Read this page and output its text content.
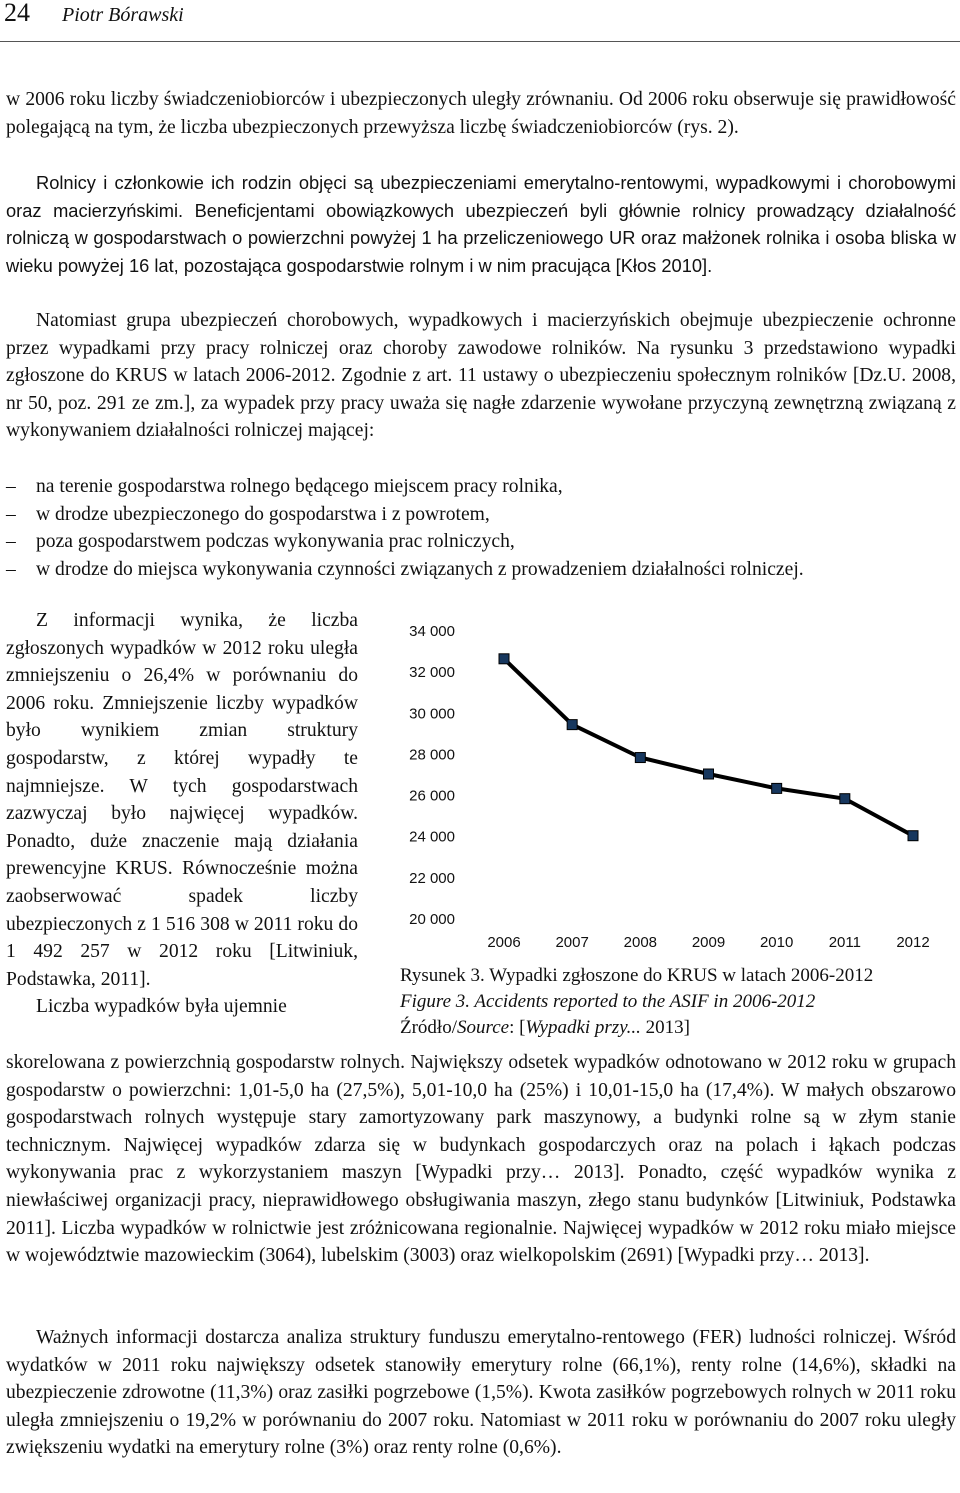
24 Piotr Bórawski
w 2006 roku liczby świadczeniobiorców i ubezpieczonych uległy zrównaniu. Od 2006 roku obserwuje się prawidłowość polegającą na tym, że liczba ubezpieczonych przewyższa liczbę świadczeniobiorców (rys. 2).
Rolnicy i członkowie ich rodzin objęci są ubezpieczeniami emerytalno-rentowymi, wypadkowymi i chorobowymi oraz macierzyńskimi. Beneficjentami obowiązkowych ubezpieczeń byli głównie rolnicy prowadzący działalność rolniczą w gospodarstwach o powierzchni powyżej 1 ha przeliczeniowego UR oraz małżonek rolnika i osoba bliska w wieku powyżej 16 lat, pozostająca gospodarstwie rolnym i w nim pracująca [Kłos 2010].
Natomiast grupa ubezpieczeń chorobowych, wypadkowych i macierzyńskich obejmuje ubezpieczenie ochronne przez wypadkami przy pracy rolniczej oraz choroby zawodowe rolników. Na rysunku 3 przedstawiono wypadki zgłoszone do KRUS w latach 2006-2012. Zgodnie z art. 11 ustawy o ubezpieczeniu społecznym rolników [Dz.U. 2008, nr 50, poz. 291 ze zm.], za wypadek przy pracy uważa się nagłe zdarzenie wywołane przyczyną zewnętrzną związaną z wykonywaniem działalności rolniczej mającej:
– na terenie gospodarstwa rolnego będącego miejscem pracy rolnika,
– w drodze ubezpieczonego do gospodarstwa i z powrotem,
– poza gospodarstwem podczas wykonywania prac rolniczych,
– w drodze do miejsca wykonywania czynności związanych z prowadzeniem działalności rolniczej.

Z informacji wynika, że liczba zgłoszonych wypadków w 2012 roku uległa zmniejszeniu o 26,4% w porównaniu do 2006 roku. Zmniejszenie liczby wypadków było wynikiem zmian struktury gospodarstw, z której wypadły te najmniejsze. W tych gospodarstwach zazwyczaj było najwięcej wypadków. Ponadto, duże znaczenie mają działania prewencyjne KRUS. Równocześnie można zaobserwować spadek liczby ubezpieczonych z 1 516 308 w 2011 roku do 1 492 257 w 2012 roku [Litwiniuk, Podstawka, 2011].

Liczba wypadków była ujemnie

34 000
32 000
30 000
28 000
26 000
24 000
22 000
20 000
2006 2007 2008 2009 2010 2011 2012
Rysunek 3. Wypadki zgłoszone do KRUS w latach 2006-2012
Figure 3. Accidents reported to the ASIF in 2006-2012
Źródło/Source: [Wypadki przy... 2013]
skorelowana z powierzchnią gospodarstw rolnych. Największy odsetek wypadków odnotowano w 2012 roku w grupach gospodarstw o powierzchni: 1,01-5,0 ha (27,5%), 5,01-10,0 ha (25%) i 10,01-15,0 ha (17,4%). W małych obszarowo gospodarstwach rolnych występuje stary zamortyzowany park maszynowy, a budynki rolne są w złym stanie technicznym. Najwięcej wypadków zdarza się w budynkach gospodarczych oraz na polach i łąkach podczas wykonywania prac z wykorzystaniem maszyn [Wypadki przy… 2013]. Ponadto, część wypadków wynika z niewłaściwej organizacji pracy, nieprawidłowego obsługiwania maszyn, złego stanu budynków [Litwiniuk, Podstawka 2011]. Liczba wypadków w rolnictwie jest zróżnicowana regionalnie. Najwięcej wypadków w 2012 roku miało miejsce w województwie mazowieckim (3064), lubelskim (3003) oraz wielkopolskim (2691) [Wypadki przy… 2013].
Ważnych informacji dostarcza analiza struktury funduszu emerytalno-rentowego (FER) ludności rolniczej. Wśród wydatków w 2011 roku największy odsetek stanowiły emerytury rolne (66,1%), renty rolne (14,6%), składki na ubezpieczenie zdrowotne (11,3%) oraz zasiłki pogrzebowe (1,5%). Kwota zasiłków pogrzebowych rolnych w 2011 roku uległa zmniejszeniu o 19,2% w porównaniu do 2007 roku. Natomiast w 2011 roku w porównaniu do 2007 roku uległy zwiększeniu wydatki na emerytury rolne (3%) oraz renty rolne (0,6%).
